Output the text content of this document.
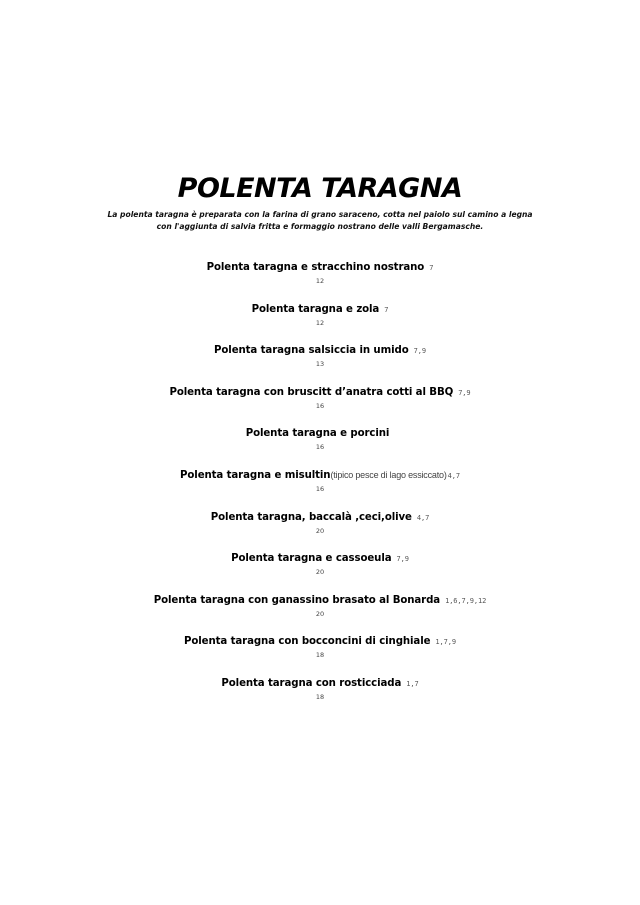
POLENTA TARAGNA
La polenta taragna è preparata con la farina di grano saraceno, cotta nel paiolo sul camino a legna
con l'aggiunta di salvia fritta e formaggio nostrano delle valli Bergamasche.
Polenta taragna e stracchino nostrano 7
12
Polenta taragna e zola 7
12
Polenta taragna salsiccia in umido 7,9
13
Polenta taragna con bruscitt d’anatra cotti al BBQ 7,9
16
Polenta taragna e porcini
16
Polenta taragna e misultin(tipico pesce di lago essiccato)4,7
16
Polenta taragna, baccalà ,ceci,olive 4,7
20
Polenta taragna e cassoeula 7,9
20
Polenta taragna con ganassino brasato al Bonarda 1,6,7,9,12
20
Polenta taragna con bocconcini di cinghiale 1,7,9
18
Polenta taragna con rosticciada 1,7
18
